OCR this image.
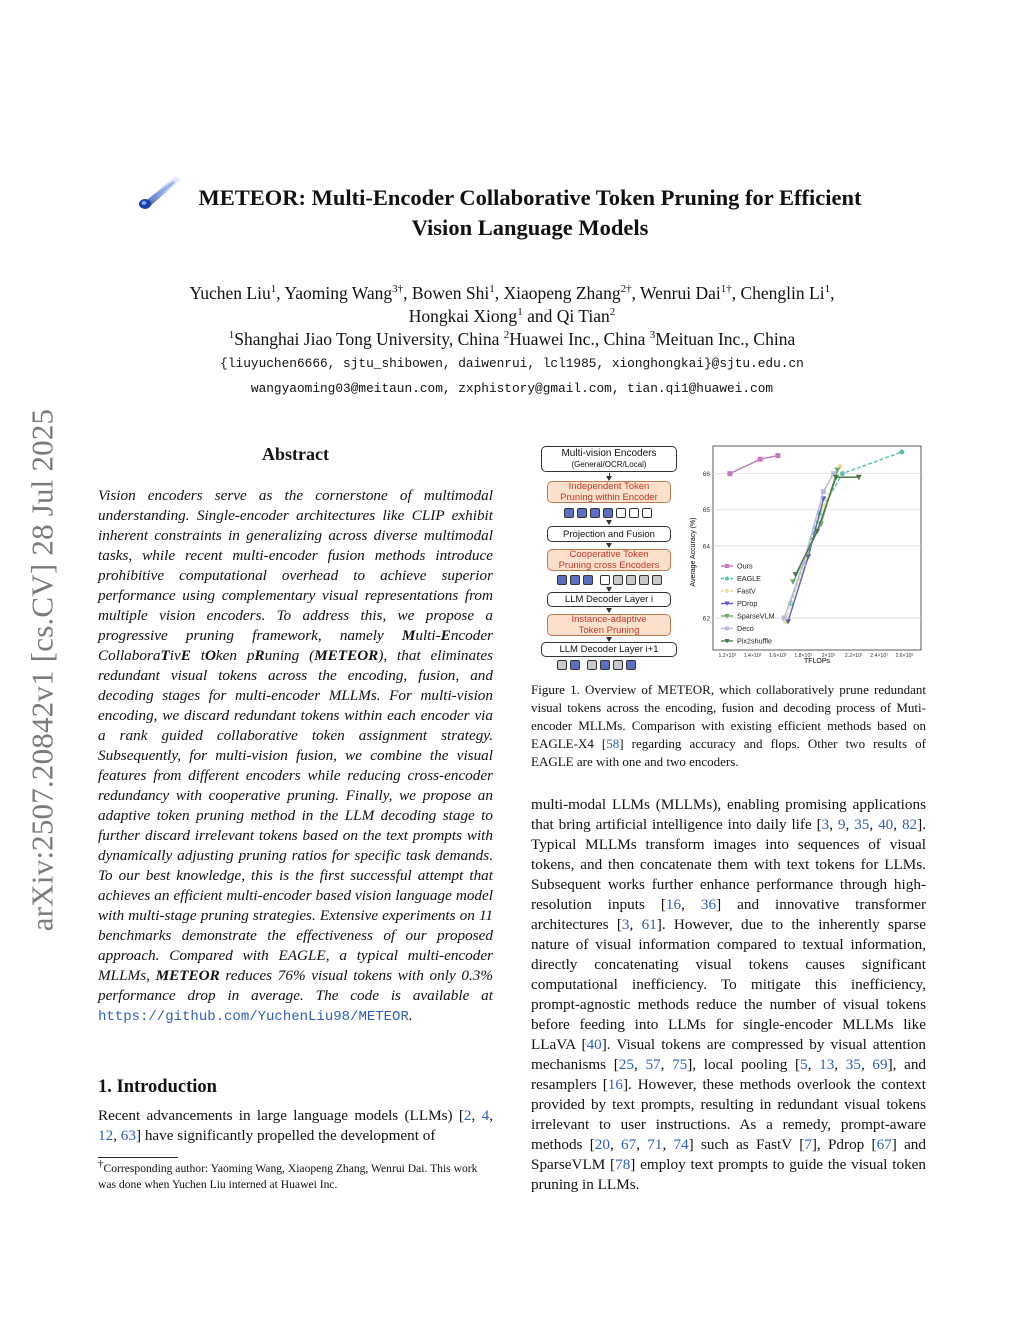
arXiv:2507.20842v1 [cs.CV] 28 Jul 2025
METEOR: Multi-Encoder Collaborative Token Pruning for Efficient
Vision Language Models
Yuchen Liu$^1$, Yaoming Wang$^{3\dagger}$, Bowen Shi$^1$, Xiaopeng Zhang$^{2\dagger}$, Wenrui Dai$^{1\dagger}$, Chenglin Li$^1$,
Hongkai Xiong$^1$ and Qi Tian$^2$
$^1$Shanghai Jiao Tong University, China $^2$Huawei Inc., China $^3$Meituan Inc., China
{liuyuchen6666, sjtu_shibowen, daiwenrui, lcl1985, xionghongkai}@sjtu.edu.cn
wangyaoming03@meitaun.com, zxphistory@gmail.com, tian.qi1@huawei.com
Abstract

Vision encoders serve as the cornerstone of multimodal understanding. Single-encoder architectures like CLIP exhibit inherent constraints in generalizing across diverse multimodal tasks, while recent multi-encoder fusion methods introduce prohibitive computational overhead to achieve superior performance using complementary visual representations from multiple vision encoders. To address this, we propose a progressive pruning framework, namely Multi-Encoder CollaboraTivE tOken pRuning (METEOR), that eliminates redundant visual tokens across the encoding, fusion, and decoding stages for multi-encoder MLLMs. For multi-vision encoding, we discard redundant tokens within each encoder via a rank guided collaborative token assignment strategy. Subsequently, for multi-vision fusion, we combine the visual features from different encoders while reducing cross-encoder redundancy with cooperative pruning. Finally, we propose an adaptive token pruning method in the LLM decoding stage to further discard irrelevant tokens based on the text prompts with dynamically adjusting pruning ratios for specific task demands. To our best knowledge, this is the first successful attempt that achieves an efficient multi-encoder based vision language model with multi-stage pruning strategies. Extensive experiments on 11 benchmarks demonstrate the effectiveness of our proposed approach. Compared with EAGLE, a typical multi-encoder MLLMs, METEOR reduces 76% visual tokens with only 0.3% performance drop in average. The code is available at https://github.com/YuchenLiu98/METEOR.

1. Introduction

Recent advancements in large language models (LLMs) [2, 4, 12, 63] have significantly propelled the development of

†Corresponding author: Yaoming Wang, Xiaopeng Zhang, Wenrui Dai. This work was done when Yuchen Liu interned at Huawei Inc.
Multi-vision Encoders
(General/OCR/Local)
Independent Token
Pruning within Encoder
Projection and Fusion
Cooperative Token
Pruning cross Encoders
LLM Decoder Layer i
Instance-adaptive
Token Pruning
LLM Decoder Layer i+1
62
64
65
66
1.2×10¹ 1.4×10¹ 1.6×10¹ 1.8×10¹ 2×10¹ 2.2×10¹ 2.4×10¹ 2.6×10¹
Average Accuracy (%)
TFLOPs
Ours
EAGLE
FastV
PDrop
SparseVLM
Deco
Pix2shuffle
Figure 1. Overview of METEOR, which collaboratively prune redundant visual tokens across the encoding, fusion and decoding process of Muti-encoder MLLMs. Comparison with existing efficient methods based on EAGLE-X4 [58] regarding accuracy and flops. Other two results of EAGLE are with one and two encoders.

multi-modal LLMs (MLLMs), enabling promising applications that bring artificial intelligence into daily life [3, 9, 35, 40, 82]. Typical MLLMs transform images into sequences of visual tokens, and then concatenate them with text tokens for LLMs. Subsequent works further enhance performance through high-resolution inputs [16, 36] and innovative transformer architectures [3, 61]. However, due to the inherently sparse nature of visual information compared to textual information, directly concatenating visual tokens causes significant computational inefficiency. To mitigate this inefficiency, prompt-agnostic methods reduce the number of visual tokens before feeding into LLMs for single-encoder MLLMs like LLaVA [40]. Visual tokens are compressed by visual attention mechanisms [25, 57, 75], local pooling [5, 13, 35, 69], and resamplers [16]. However, these methods overlook the context provided by text prompts, resulting in redundant visual tokens irrelevant to user instructions. As a remedy, prompt-aware methods [20, 67, 71, 74] such as FastV [7], Pdrop [67] and SparseVLM [78] employ text prompts to guide the visual token pruning in LLMs.
